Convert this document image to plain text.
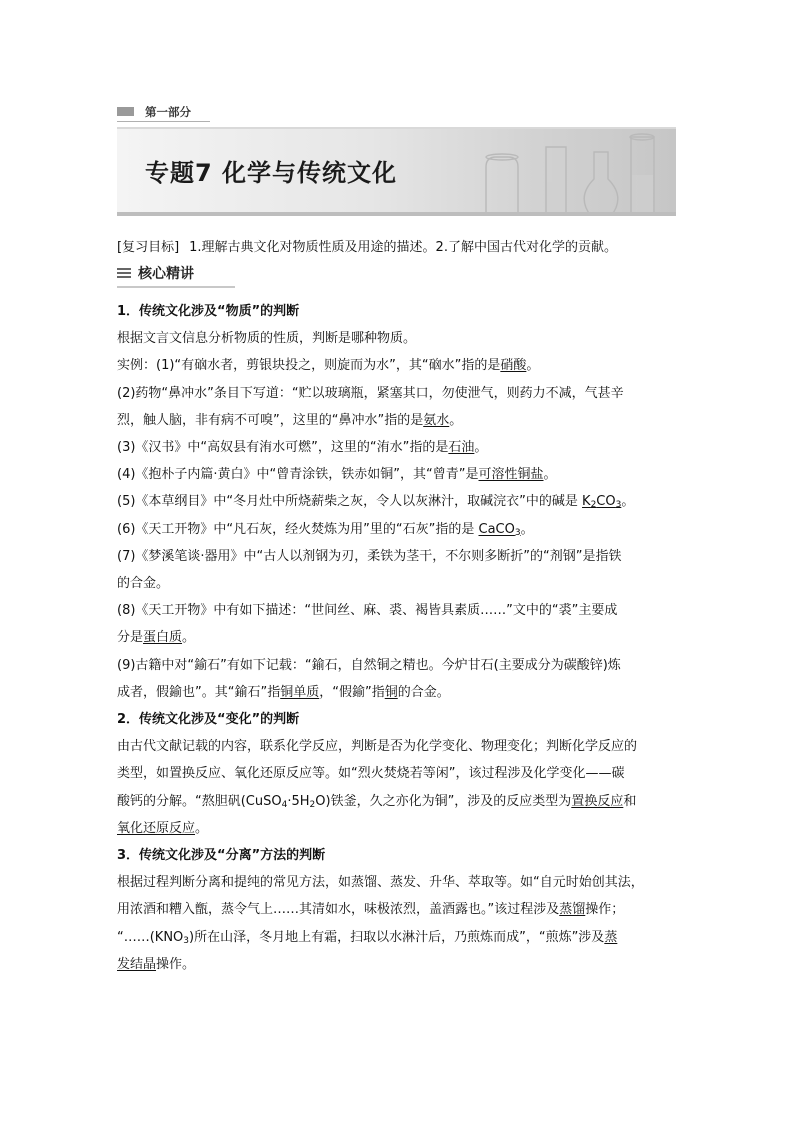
第一部分
专题7 化学与传统文化
[复习目标] 1.理解古典文化对物质性质及用途的描述。2.了解中国古代对化学的贡献。
核心精讲

1．传统文化涉及“物质”的判断

根据文言文信息分析物质的性质，判断是哪种物质。

实例：(1)“有硇水者，剪银块投之，则旋而为水”，其“硇水”指的是硝酸。

(2)药物“鼻冲水”条目下写道：“贮以玻璃瓶，紧塞其口，勿使泄气，则药力不减，气甚辛

烈，触人脑，非有病不可嗅”，这里的“鼻冲水”指的是氨水。

(3)《汉书》中“高奴县有洧水可燃”，这里的“洧水”指的是石油。

(4)《抱朴子内篇·黄白》中“曾青涂铁，铁赤如铜”，其“曾青”是可溶性铜盐。

(5)《本草纲目》中“冬月灶中所烧薪柴之灰，令人以灰淋汁，取碱浣衣”中的碱是 $K_2CO_3$。

(6)《天工开物》中“凡石灰，经火焚炼为用”里的“石灰”指的是 CaCO$_3$。

(7)《梦溪笔谈·器用》中“古人以剂钢为刃，柔铁为茎干，不尔则多断折”的“剂钢”是指铁

的合金。

(8)《天工开物》中有如下描述：“世间丝、麻、裘、褐皆具素质……”文中的“裘”主要成

分是蛋白质。

(9)古籍中对“鍮石”有如下记载：“鍮石，自然铜之精也。今炉甘石(主要成分为碳酸锌)炼

成者，假鍮也”。其“鍮石”指铜单质，“假鍮”指铜的合金。

2．传统文化涉及“变化”的判断

由古代文献记载的内容，联系化学反应，判断是否为化学变化、物理变化；判断化学反应的

类型，如置换反应、氧化还原反应等。如“烈火焚烧若等闲”，该过程涉及化学变化——碳

酸钙的分解。“熬胆矾$(CuSO_4\cdot 5H_2O)$铁釜，久之亦化为铜”，涉及的反应类型为置换反应和

氧化还原反应。

3．传统文化涉及“分离”方法的判断

根据过程判断分离和提纯的常见方法，如蒸馏、蒸发、升华、萃取等。如“自元时始创其法，

用浓酒和糟入甑，蒸令气上……其清如水，味极浓烈，盖酒露也。”该过程涉及蒸馏操作；

“$\dots\dots(KNO_3)$所在山泽，冬月地上有霜，扫取以水淋汁后，乃煎炼而成”，“煎炼”涉及蒸

发结晶操作。
